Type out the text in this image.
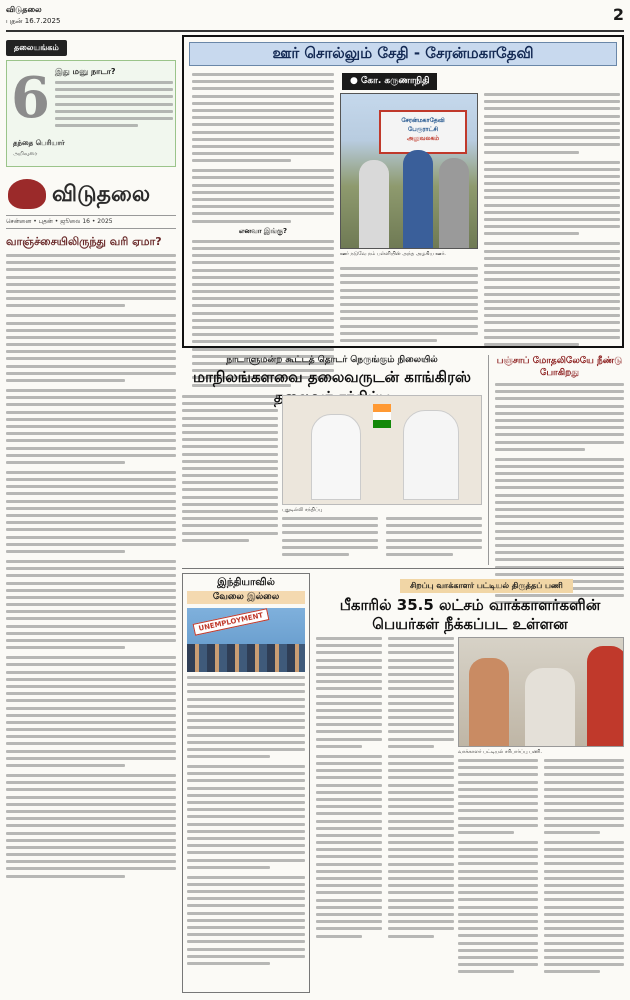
விடுதலை
புதன் 16.7.2025	2
தலையங்கம்
6 இது மனு நாடா?
தந்தை பெரியார்
அறிவுரை
விடுதலை
சென்னை • புதன் • ஜூலை 16 • 2025
வாஞ்ச்சையிலிருந்து வரி ஏமா?
ஊர் சொல்லும் சேதி - சேரன்மகாதேவி
எனவா இங்கு?
● கோ. கருணாநிதி
சேரன்மகாதேவி
பேரூராட்சி
அலுவலகம்
ஊர் நடுவே நம் பள்ளியின் அந்த அழகிய ஊர்.
நாடாளுமன்ற கூட்டத் தொடர் நெருங்கும் நிலையில்
மாநிலங்களவை தலைவருடன் காங்கிரஸ்
புதுடில்லி சந்திப்பு
பஞ்சாப் மோதலிலேயே நீண்டு போகிறது
இந்தியாவில்
வேலை இல்லை
UNEMPLOYMENT
சிறப்பு வாக்காளர் பட்டியல் திருத்தப் பணி
பீகாரில் 35.5 லட்சம் வாக்காளர்களின் பெயர்கள் நீக்கப்பட உள்ளன
வாக்காளர் பட்டியல் சரிபார்ப்பு பணி.
